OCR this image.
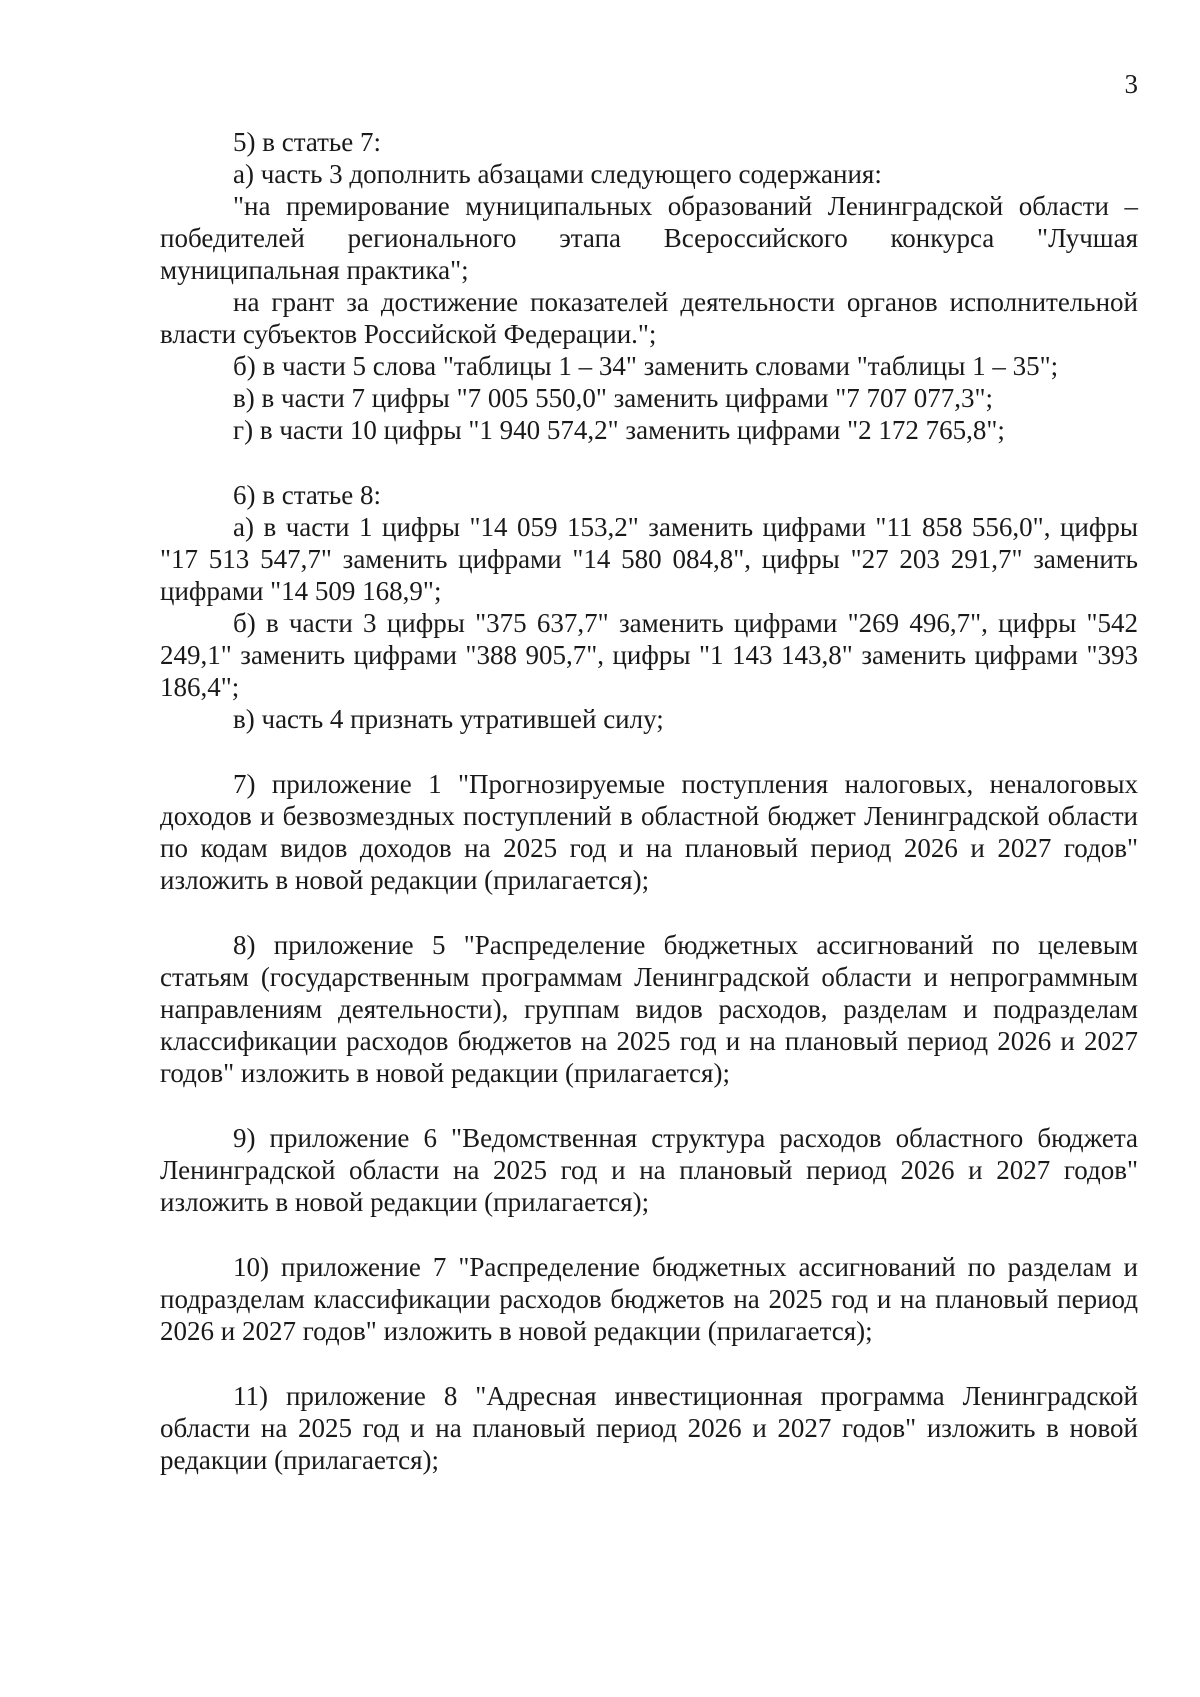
3

5) в статье 7:

а) часть 3 дополнить абзацами следующего содержания:

"на премирование муниципальных образований Ленинградской области – победителей регионального этапа Всероссийского конкурса "Лучшая муниципальная практика";

на грант за достижение показателей деятельности органов исполнительной власти субъектов Российской Федерации.";

б) в части 5 слова "таблицы 1 – 34" заменить словами "таблицы 1 – 35";

в) в части 7 цифры "7 005 550,0" заменить цифрами "7 707 077,3";

г) в части 10 цифры "1 940 574,2" заменить цифрами "2 172 765,8";

6) в статье 8:

а) в части 1 цифры "14 059 153,2" заменить цифрами "11 858 556,0", цифры "17 513 547,7" заменить цифрами "14 580 084,8", цифры "27 203 291,7" заменить цифрами "14 509 168,9";

б) в части 3 цифры "375 637,7" заменить цифрами "269 496,7", цифры "542 249,1" заменить цифрами "388 905,7", цифры "1 143 143,8" заменить цифрами "393 186,4";

в) часть 4 признать утратившей силу;

7) приложение 1 "Прогнозируемые поступления налоговых, неналоговых доходов и безвозмездных поступлений в областной бюджет Ленинградской области по кодам видов доходов на 2025 год и на плановый период 2026 и 2027 годов" изложить в новой редакции (прилагается);

8) приложение 5 "Распределение бюджетных ассигнований по целевым статьям (государственным программам Ленинградской области и непрограммным направлениям деятельности), группам видов расходов, разделам и подразделам классификации расходов бюджетов на 2025 год и на плановый период 2026 и 2027 годов" изложить в новой редакции (прилагается);

9) приложение 6 "Ведомственная структура расходов областного бюджета Ленинградской области на 2025 год и на плановый период 2026 и 2027 годов" изложить в новой редакции (прилагается);

10) приложение 7 "Распределение бюджетных ассигнований по разделам и подразделам классификации расходов бюджетов на 2025 год и на плановый период 2026 и 2027 годов" изложить в новой редакции (прилагается);

11) приложение 8 "Адресная инвестиционная программа Ленинградской области на 2025 год и на плановый период 2026 и 2027 годов" изложить в новой редакции (прилагается);
